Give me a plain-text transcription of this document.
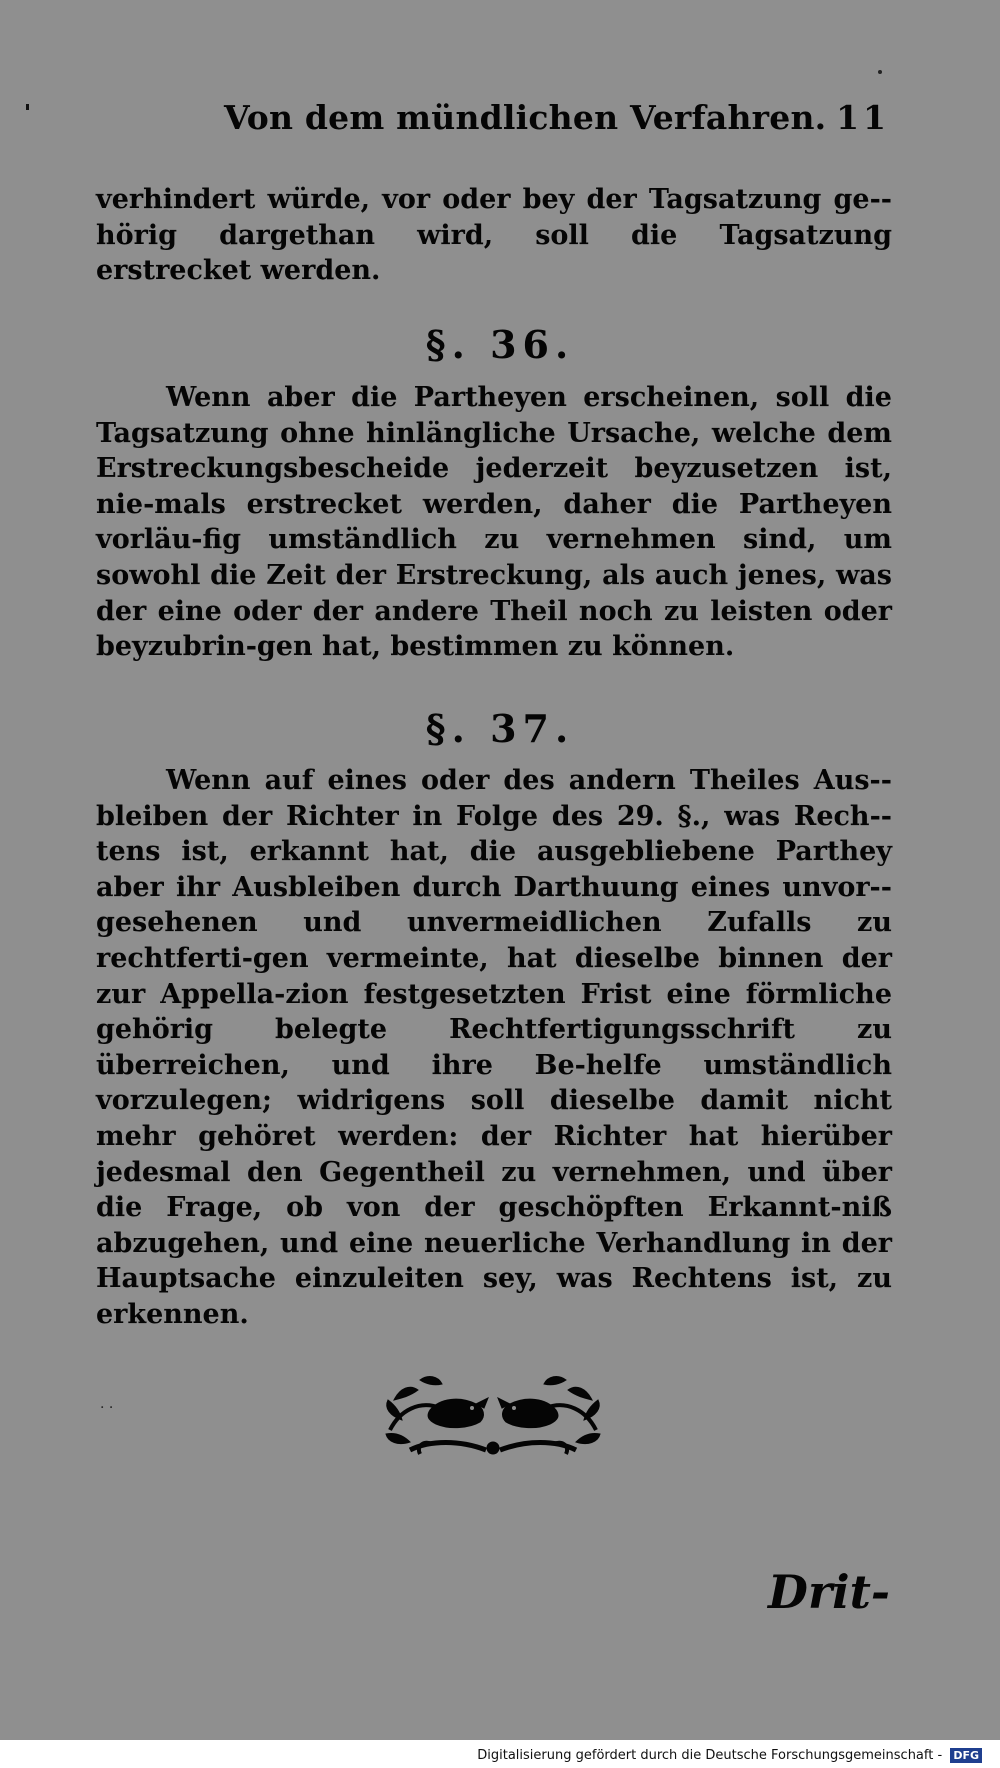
Von dem mündlichen Verfahren. 11
verhindert würde, vor oder bey der Tagsatzung ge-hörig dargethan wird, soll die Tagsatzung erstrecket werden.
§. 36.
Wenn aber die Partheyen erscheinen, soll die Tagsatzung ohne hinlängliche Ursache, welche dem Erstreckungsbescheide jederzeit beyzusetzen ist, nie-mals erstrecket werden, daher die Partheyen vorläu-fig umständlich zu vernehmen sind, um sowohl die Zeit der Erstreckung, als auch jenes, was der eine oder der andere Theil noch zu leisten oder beyzubrin-gen hat, bestimmen zu können.
§. 37.
Wenn auf eines oder des andern Theiles Aus-bleiben der Richter in Folge des 29. §., was Rech-tens ist, erkannt hat, die ausgebliebene Parthey aber ihr Ausbleiben durch Darthuung eines unvor-gesehenen und unvermeidlichen Zufalls zu rechtferti-gen vermeinte, hat dieselbe binnen der zur Appella-zion festgesetzten Frist eine förmliche gehörig belegte Rechtfertigungsschrift zu überreichen, und ihre Be-helfe umständlich vorzulegen; widrigens soll dieselbe damit nicht mehr gehöret werden: der Richter hat hierüber jedesmal den Gegentheil zu vernehmen, und über die Frage, ob von der geschöpften Erkannt-niß abzugehen, und eine neuerliche Verhandlung in der Hauptsache einzuleiten sey, was Rechtens ist, zu erkennen.
· ·
Drit-
Digitalisierung gefördert durch die Deutsche Forschungsgemeinschaft - DFG
